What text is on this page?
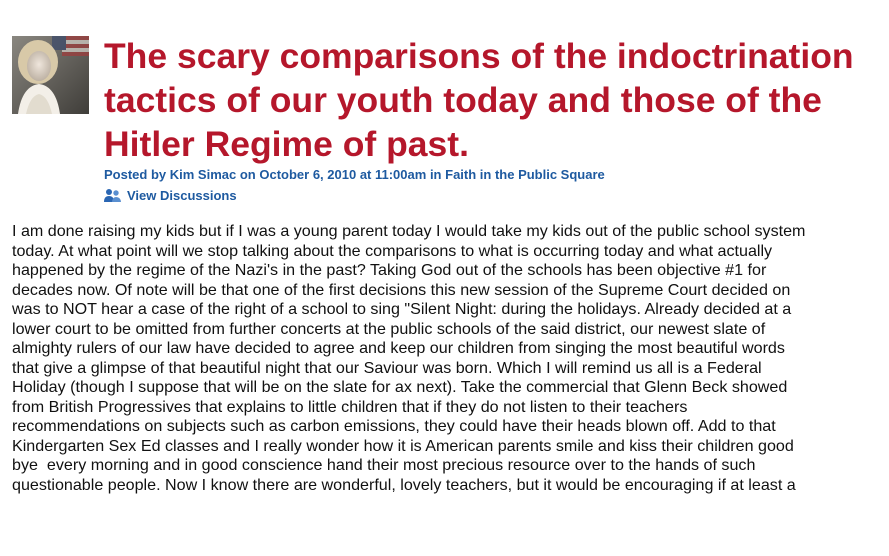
The scary comparisons of the indoctrination
tactics of our youth today and those of the
Hitler Regime of past.
Posted by Kim Simac on October 6, 2010 at 11:00am in Faith in the Public Square
View Discussions
I am done raising my kids but if I was a young parent today I would take my kids out of the public school system
today. At what point will we stop talking about the comparisons to what is occurring today and what actually
happened by the regime of the Nazi's in the past? Taking God out of the schools has been objective #1 for
decades now. Of note will be that one of the first decisions this new session of the Supreme Court decided on
was to NOT hear a case of the right of a school to sing "Silent Night: during the holidays. Already decided at a
lower court to be omitted from further concerts at the public schools of the said district, our newest slate of
almighty rulers of our law have decided to agree and keep our children from singing the most beautiful words
that give a glimpse of that beautiful night that our Saviour was born. Which I will remind us all is a Federal
Holiday (though I suppose that will be on the slate for ax next). Take the commercial that Glenn Beck showed
from British Progressives that explains to little children that if they do not listen to their teachers
recommendations on subjects such as carbon emissions, they could have their heads blown off. Add to that
Kindergarten Sex Ed classes and I really wonder how it is American parents smile and kiss their children good
bye  every morning and in good conscience hand their most precious resource over to the hands of such
questionable people. Now I know there are wonderful, lovely teachers, but it would be encouraging if at least a
